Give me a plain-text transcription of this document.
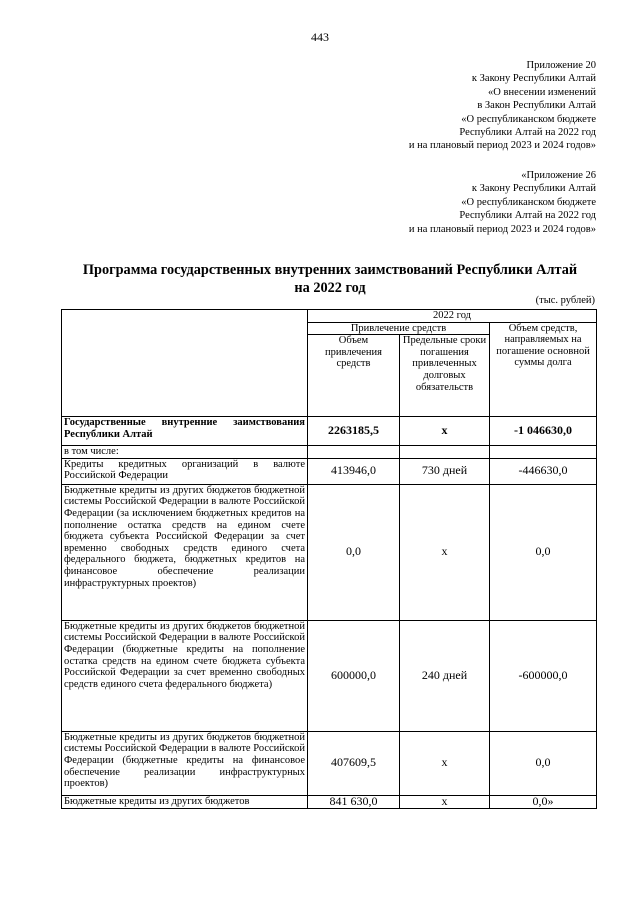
443
Приложение 20
к Закону Республики Алтай
«О внесении изменений
в Закон Республики Алтай
«О республиканском бюджете
Республики Алтай на 2022 год
и на плановый период 2023 и 2024 годов»
«Приложение 26
к Закону Республики Алтай
«О республиканском бюджете
Республики Алтай на 2022 год
и на плановый период 2023 и 2024 годов»
Программа государственных внутренних заимствований Республики Алтай
на 2022 год
(тыс. рублей)
	2022 год		
	Привлечение средств		Объем средств, направляемых на погашение основной суммы долга
	Объем привлечения средств	Предельные сроки погашения привлеченных долговых обязательств	
Государственные внутренние заимствования Республики Алтай	2263185,5	х	-1 046630,0
в том числе:			
Кредиты кредитных организаций в валюте Российской Федерации	413946,0	730 дней	-446630,0
Бюджетные кредиты из других бюджетов бюджетной системы Российской Федерации в валюте Российской Федерации (за исключением бюджетных кредитов на пополнение остатка средств на едином счете бюджета субъекта Российской Федерации за счет временно свободных средств единого счета федерального бюджета, бюджетных кредитов на финансовое обеспечение реализации инфраструктурных проектов)	0,0	х	0,0
Бюджетные кредиты из других бюджетов бюджетной системы Российской Федерации в валюте Российской Федерации (бюджетные кредиты на пополнение остатка средств на едином счете бюджета субъекта Российской Федерации за счет временно свободных средств единого счета федерального бюджета)	600000,0	240 дней	-600000,0
Бюджетные кредиты из других бюджетов бюджетной системы Российской Федерации в валюте Российской Федерации (бюджетные кредиты на финансовое обеспечение реализации инфраструктурных проектов)	407609,5	х	0,0
Бюджетные кредиты из других бюджетов	841 630,0	х	0,0»
